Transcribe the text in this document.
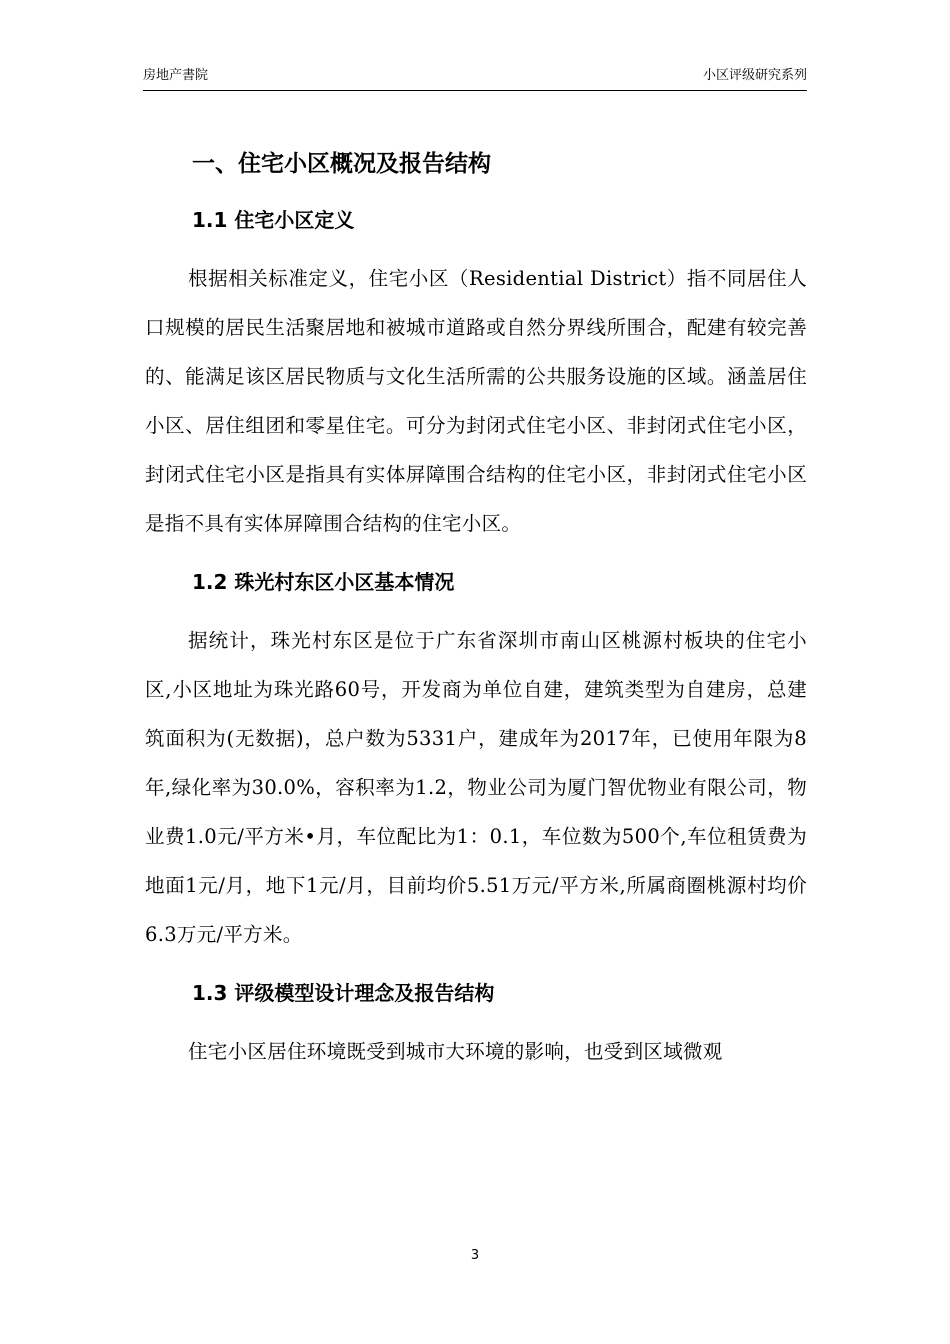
房地产書院	小区评级研究系列
一、住宅小区概况及报告结构
1.1 住宅小区定义

根据相关标准定义，住宅小区（Residential District）指不同居住人口规模的居民生活聚居地和被城市道路或自然分界线所围合，配建有较完善的、能满足该区居民物质与文化生活所需的公共服务设施的区域。涵盖居住小区、居住组团和零星住宅。可分为封闭式住宅小区、非封闭式住宅小区，封闭式住宅小区是指具有实体屏障围合结构的住宅小区，非封闭式住宅小区是指不具有实体屏障围合结构的住宅小区。

1.2 珠光村东区小区基本情况

据统计，珠光村东区是位于广东省深圳市南山区桃源村板块的住宅小区,小区地址为珠光路60号，开发商为单位自建，建筑类型为自建房，总建筑面积为(无数据)，总户数为5331户，建成年为2017年，已使用年限为8年,绿化率为30.0%，容积率为1.2，物业公司为厦门智优物业有限公司，物业费1.0元/平方米•月，车位配比为1：0.1，车位数为500个,车位租赁费为地面1元/月，地下1元/月，目前均价5.51万元/平方米,所属商圈桃源村均价6.3万元/平方米。

1.3 评级模型设计理念及报告结构

住宅小区居住环境既受到城市大环境的影响，也受到区域微观

3
